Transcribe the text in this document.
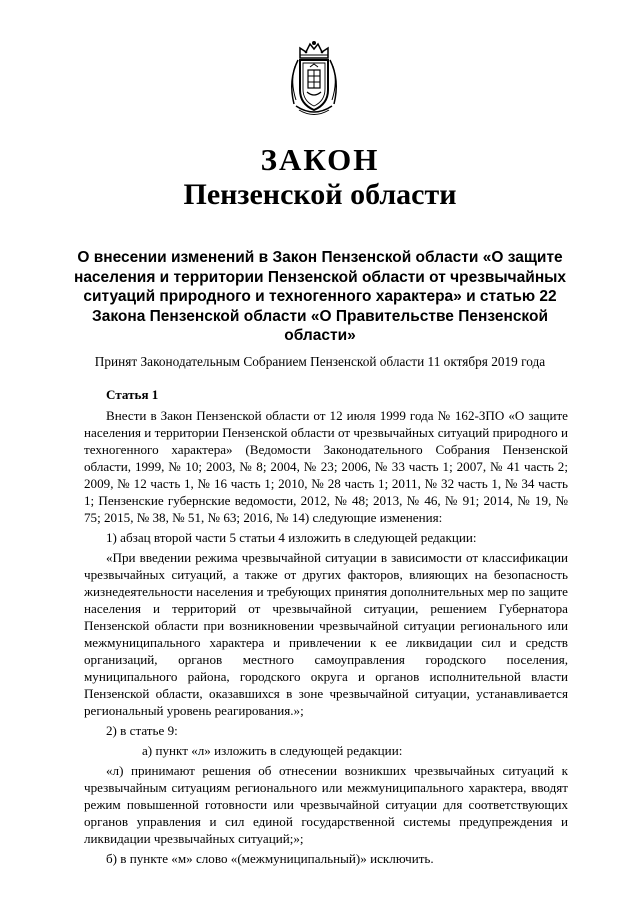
ЗАКОН
Пензенской области
О внесении изменений в Закон Пензенской области «О защите населения и территории Пензенской области от чрезвычайных ситуаций природного и техногенного характера» и статью 22 Закона Пензенской области «О Правительстве Пензенской области»
Принят Законодательным Собранием Пензенской области 11 октября 2019 года

Статья 1

Внести в Закон Пензенской области от 12 июля 1999 года № 162-ЗПО «О защите населения и территории Пензенской области от чрезвычайных ситуаций природного и техногенного характера» (Ведомости Законодательного Собрания Пензенской области, 1999, № 10; 2003, № 8; 2004, № 23; 2006, № 33 часть 1; 2007, № 41 часть 2; 2009, № 12 часть 1, № 16 часть 1; 2010, № 28 часть 1; 2011, № 32 часть 1, № 34 часть 1; Пензенские губернские ведомости, 2012, № 48; 2013, № 46, № 91; 2014, № 19, № 75; 2015, № 38, № 51, № 63; 2016, № 14) следующие изменения:

1) абзац второй части 5 статьи 4 изложить в следующей редакции:

«При введении режима чрезвычайной ситуации в зависимости от классификации чрезвычайных ситуаций, а также от других факторов, влияющих на безопасность жизнедеятельности населения и требующих принятия дополнительных мер по защите населения и территорий от чрезвычайной ситуации, решением Губернатора Пензенской области при возникновении чрезвычайной ситуации регионального или межмуниципального характера и привлечении к ее ликвидации сил и средств организаций, органов местного самоуправления городского поселения, муниципального района, городского округа и органов исполнительной власти Пензенской области, оказавшихся в зоне чрезвычайной ситуации, устанавливается региональный уровень реагирования.»;

2) в статье 9:

а) пункт «л» изложить в следующей редакции:

«л) принимают решения об отнесении возникших чрезвычайных ситуаций к чрезвычайным ситуациям регионального или межмуниципального характера, вводят режим повышенной готовности или чрезвычайной ситуации для соответствующих органов управления и сил единой государственной системы предупреждения и ликвидации чрезвычайных ситуаций;»;

б) в пункте «м» слово «(межмуниципальный)» исключить.
